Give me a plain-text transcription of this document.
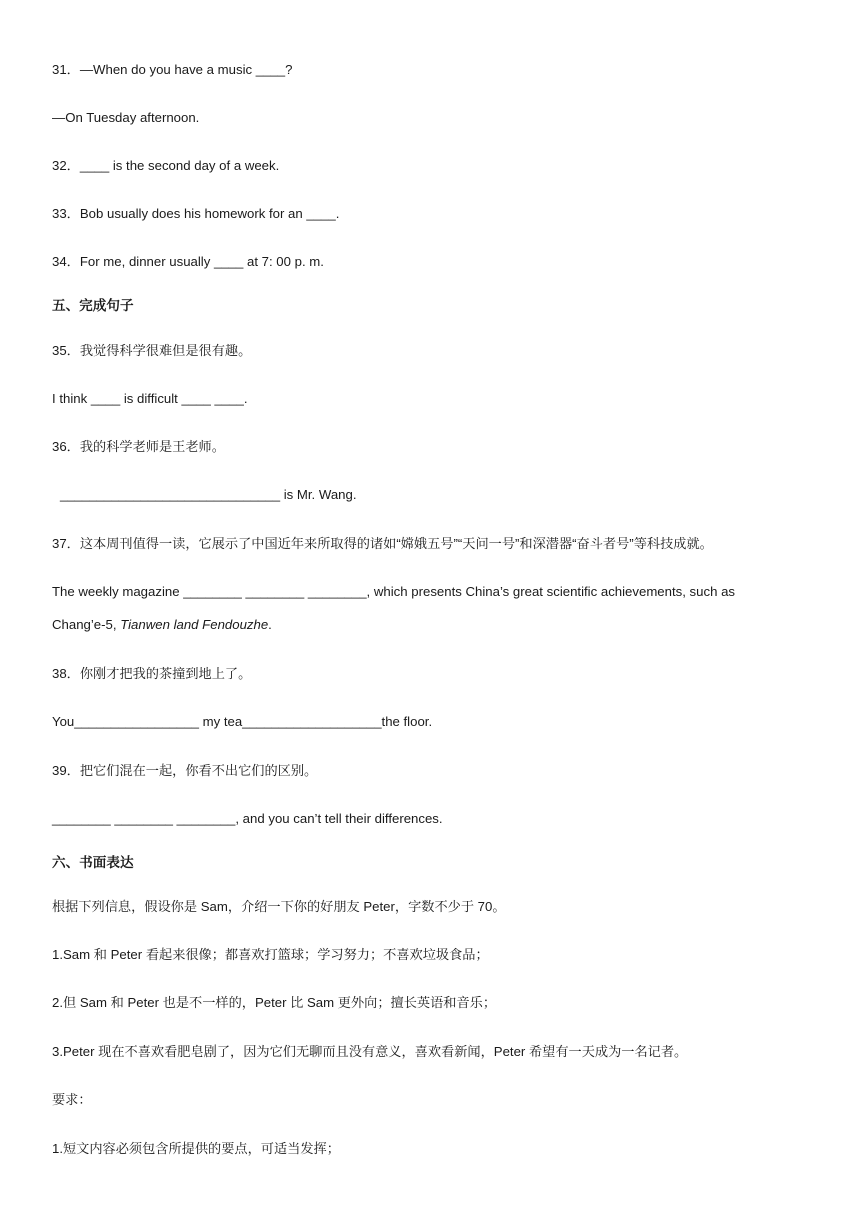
31．—When do you have a music ____?
—On Tuesday afternoon.
32．____ is the second day of a week.
33．Bob usually does his homework for an ____.
34．For me, dinner usually ____ at 7: 00 p. m.
五、完成句子
35．我觉得科学很难但是很有趣。
I think ____ is difficult ____ ____.
36．我的科学老师是王老师。
______________________________ is Mr. Wang.
37．这本周刊值得一读，它展示了中国近年来所取得的诸如“嫦娥五号”“天问一号”和深潜器“奋斗者号”等科技成就。
The weekly magazine ________ ________ ________, which presents China’s great scientific achievements, such as
Chang’e-5, Tianwen land Fendouzhe.
38．你刚才把我的茶撞到地上了。
You_________________ my tea___________________the floor.
39．把它们混在一起，你看不出它们的区别。
________ ________ ________, and you can’t tell their differences.
六、书面表达
根据下列信息，假设你是 Sam，介绍一下你的好朋友 Peter，字数不少于 70。
1.Sam 和 Peter 看起来很像；都喜欢打篮球；学习努力；不喜欢垃圾食品；
2.但 Sam 和 Peter 也是不一样的，Peter 比 Sam 更外向；擅长英语和音乐；
3.Peter 现在不喜欢看肥皂剧了，因为它们无聊而且没有意义，喜欢看新闻，Peter 希望有一天成为一名记者。
要求：
1.短文内容必须包含所提供的要点，可适当发挥；
